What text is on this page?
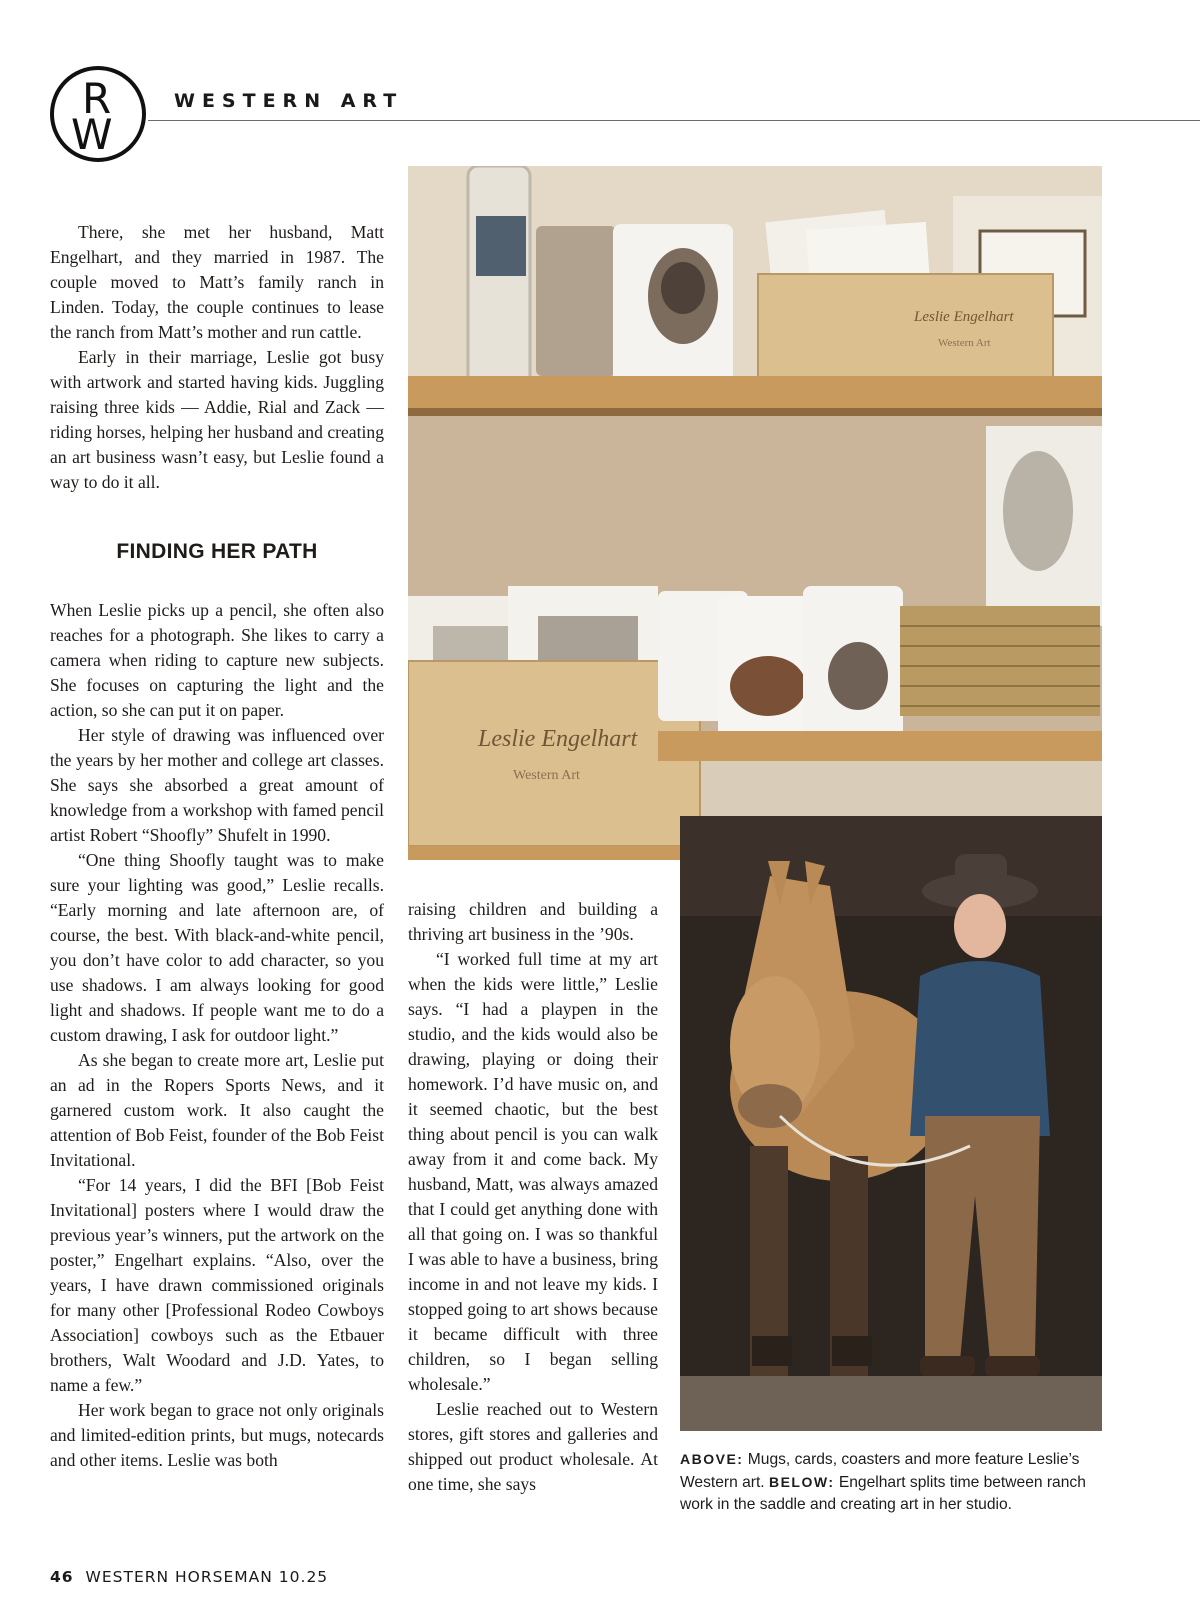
R
W
WESTERN ART

There, she met her husband, Matt Engelhart, and they married in 1987. The couple moved to Matt’s family ranch in Linden. Today, the couple continues to lease the ranch from Matt’s mother and run cattle.

Early in their marriage, Leslie got busy with artwork and started having kids. Juggling raising three kids — Addie, Rial and Zack — riding horses, helping her husband and creating an art business wasn’t easy, but Leslie found a way to do it all.

FINDING HER PATH

When Leslie picks up a pencil, she often also reaches for a photograph. She likes to carry a camera when riding to capture new subjects. She focuses on capturing the light and the action, so she can put it on paper.

Her style of drawing was influenced over the years by her mother and college art classes. She says she absorbed a great amount of knowledge from a workshop with famed pencil artist Robert “Shoofly” Shufelt in 1990.

“One thing Shoofly taught was to make sure your lighting was good,” Leslie recalls. “Early morning and late afternoon are, of course, the best. With black-and-white pencil, you don’t have color to add character, so you use shadows. I am always looking for good light and shadows. If people want me to do a custom drawing, I ask for outdoor light.”

As she began to create more art, Leslie put an ad in the Ropers Sports News, and it garnered custom work. It also caught the attention of Bob Feist, founder of the Bob Feist Invitational.

“For 14 years, I did the BFI [Bob Feist Invitational] posters where I would draw the previous year’s winners, put the artwork on the poster,” Engelhart explains. “Also, over the years, I have drawn commissioned originals for many other [Professional Rodeo Cowboys Association] cowboys such as the Etbauer brothers, Walt Woodard and J.D. Yates, to name a few.”

Her work began to grace not only originals and limited-edition prints, but mugs, notecards and other items. Leslie was both

raising children and building a thriving art business in the ’90s.

“I worked full time at my art when the kids were little,” Leslie says. “I had a playpen in the studio, and the kids would also be drawing, playing or doing their homework. I’d have music on, and it seemed chaotic, but the best thing about pencil is you can walk away from it and come back. My husband, Matt, was always amazed that I could get anything done with all that going on. I was so thankful I was able to have a business, bring income in and not leave my kids. I stopped going to art shows because it became difficult with three children, so I began selling wholesale.”

Leslie reached out to Western stores, gift stores and galleries and shipped out product wholesale. At one time, she says

Leslie Engelhart
Western Art
Leslie Engelhart
Western Art
ABOVE: Mugs, cards, coasters and more feature Leslie’s Western art. BELOW: Engelhart splits time between ranch work in the saddle and creating art in her studio.
46 WESTERN HORSEMAN 10.25
